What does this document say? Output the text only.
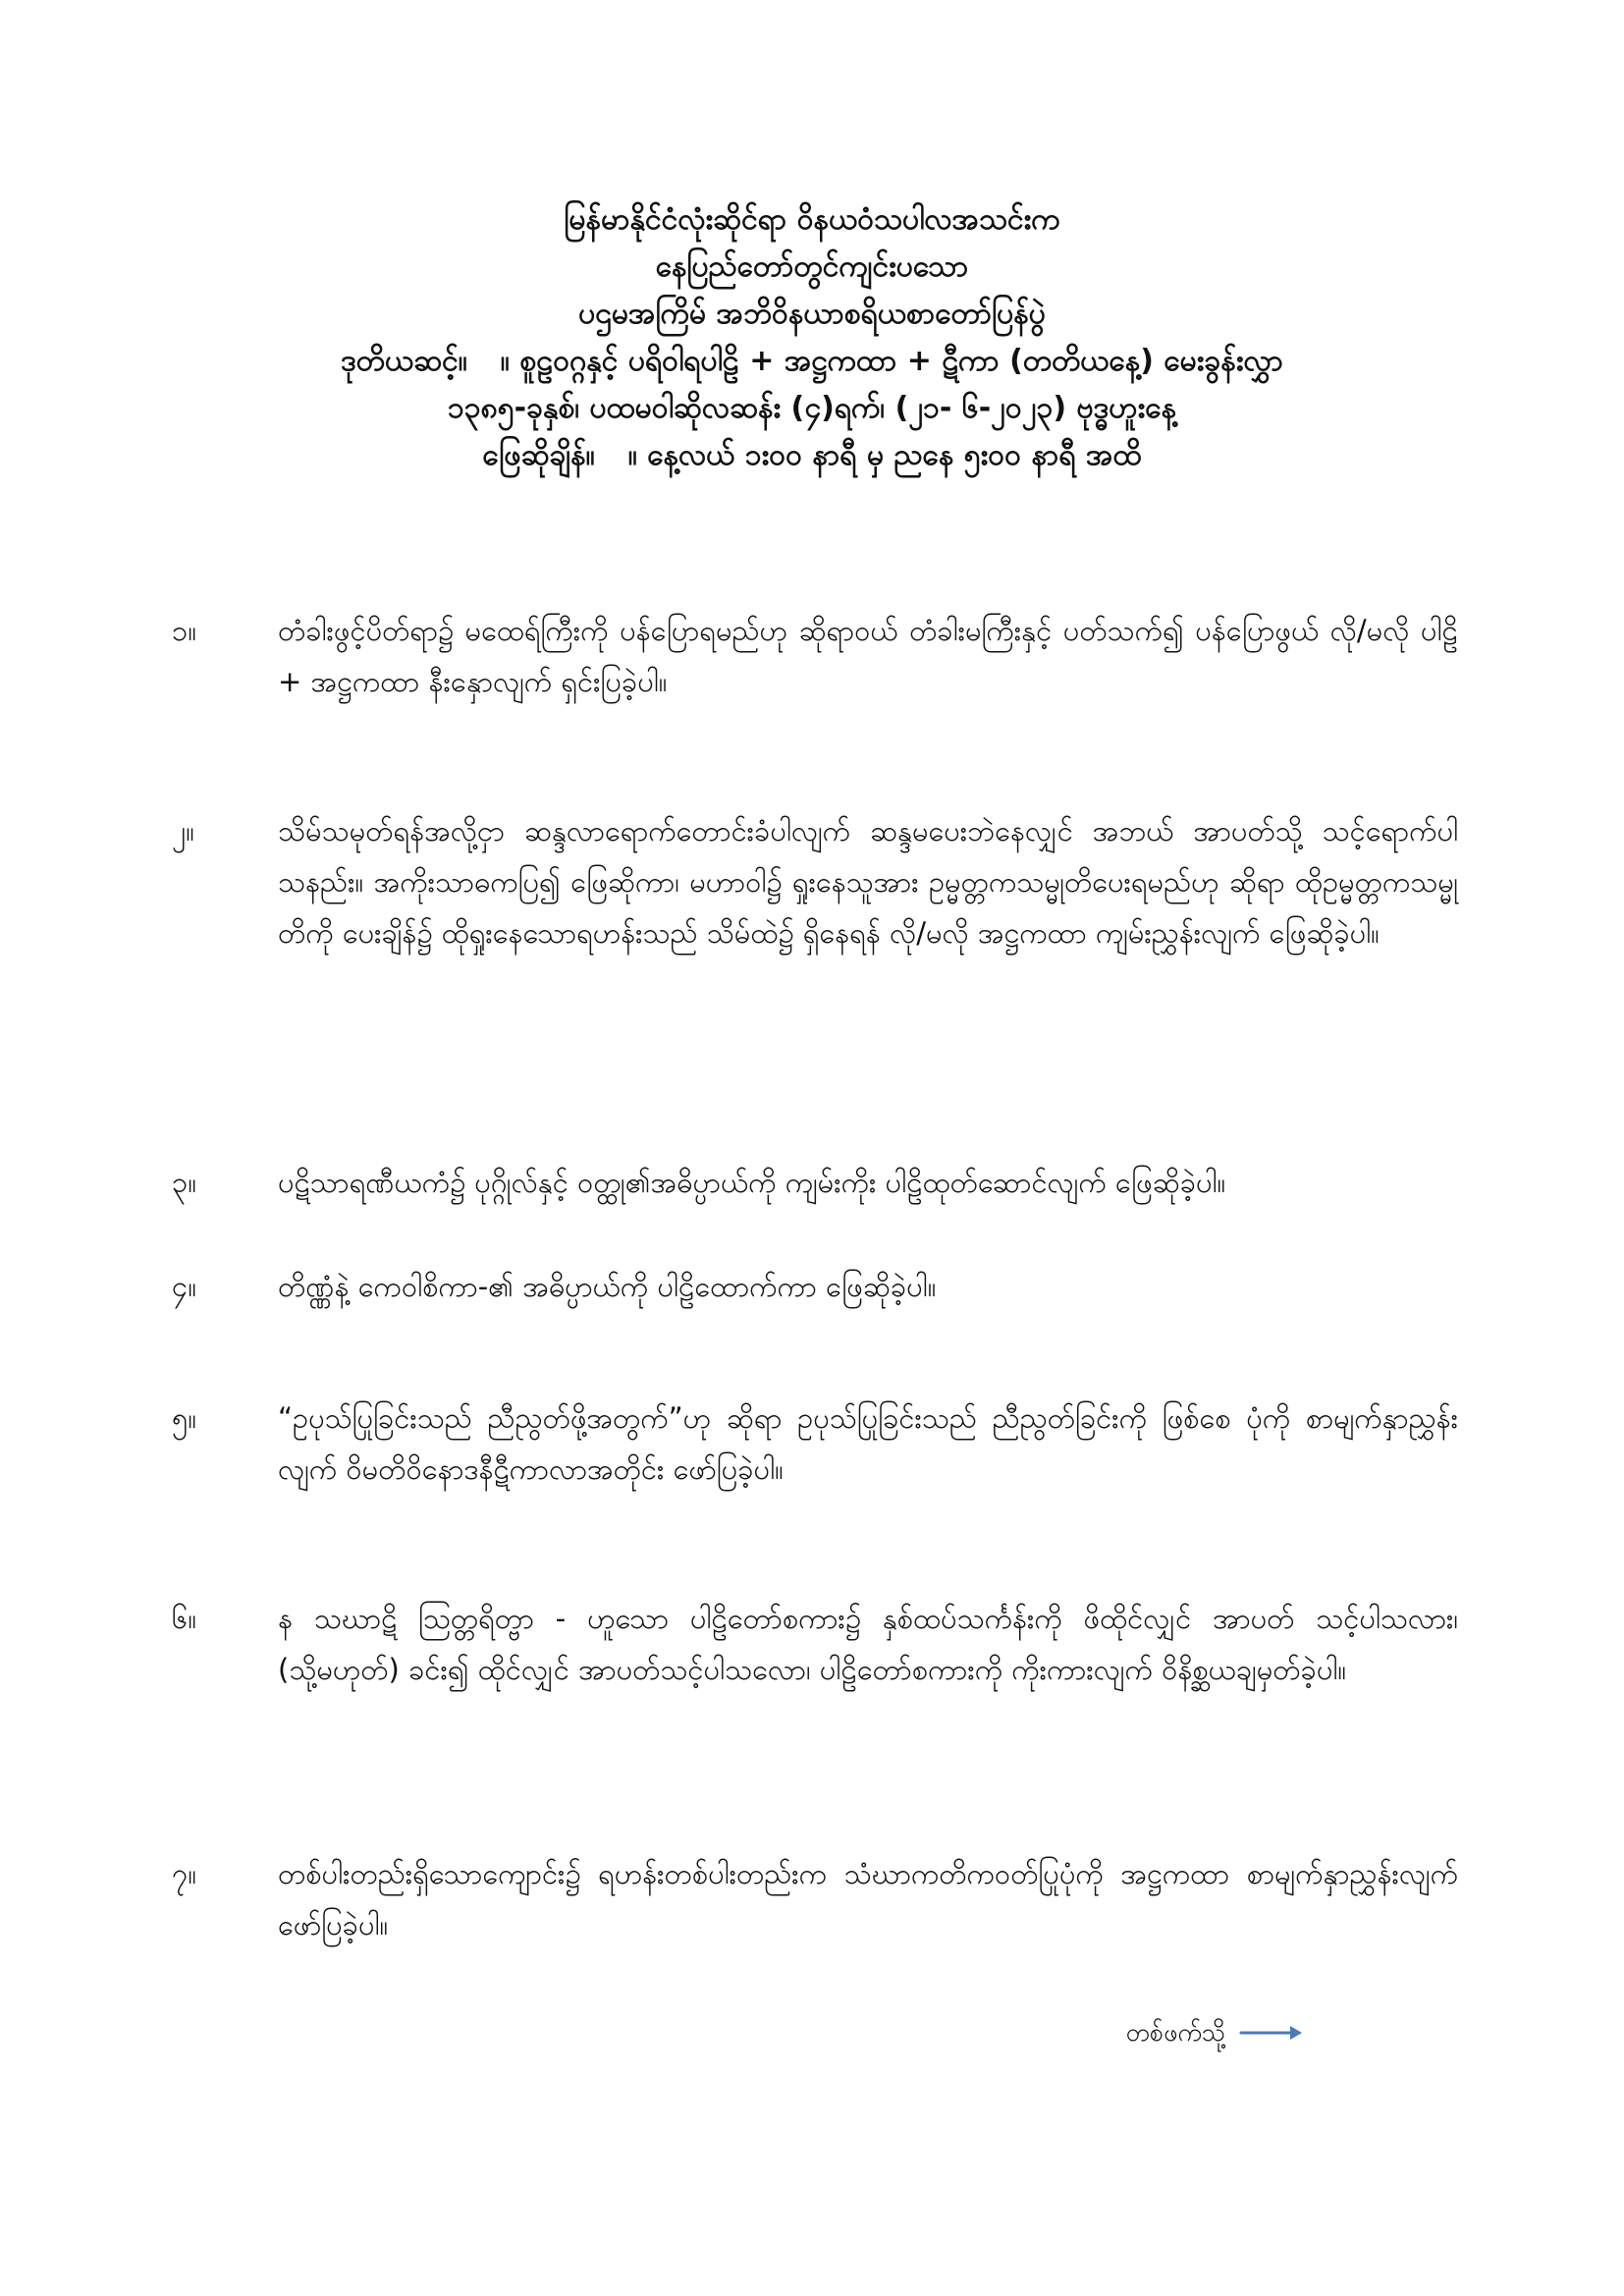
မြန်မာနိုင်ငံလုံးဆိုင်ရာ ဝိနယဝံသပါလအသင်းက
နေပြည်တော်တွင်ကျင်းပသော
ပဌမအကြိမ် အဘိဝိနယာစရိယစာတော်ပြန်ပွဲ
ဒုတိယဆင့်။ ။ စူဠဝဂ္ဂနှင့် ပရိဝါရပါဠိ + အဋ္ဌကထာ + ဋီကာ (တတိယနေ့) မေးခွန်းလွှာ
၁၃၈၅-ခုနှစ်၊ ပထမဝါဆိုလဆန်း (၄)ရက်၊ (၂၁- ၆-၂၀၂၃) ဗုဒ္ဓဟူးနေ့
ဖြေဆိုချိန်။ ။ နေ့လယ် ၁း၀၀ နာရီ မှ ညနေ ၅း၀၀ နာရီ အထိ
၁။	တံခါးဖွင့်ပိတ်ရာ၌ မထေရ်ကြီးကို ပန်ပြောရမည်ဟု ဆိုရာဝယ် တံခါးမကြီးနှင့် ပတ်သက်၍ ပန်ပြောဖွယ် လို/မလို ပါဠိ + အဋ္ဌကထာ နီးနှောလျက် ရှင်းပြခဲ့ပါ။
၂။	သိမ်သမုတ်ရန်အလို့ငှာ ဆန္ဒလာရောက်တောင်းခံပါလျက် ဆန္ဒမပေးဘဲနေလျှင် အဘယ် အာပတ်သို့ သင့်ရောက်ပါသနည်း။ အကိုးသာဓကပြ၍ ဖြေဆိုကာ၊ မဟာဝါ၌ ရှုးနေသူအား ဥမ္မတ္တကသမ္မုတိပေးရမည်ဟု ဆိုရာ ထိုဥမ္မတ္တကသမ္မုတိကို ပေးချိန်၌ ထိုရှုးနေသောရဟန်းသည် သိမ်ထဲ၌ ရှိနေရန် လို/မလို အဋ္ဌကထာ ကျမ်းညွှန်းလျက် ဖြေဆိုခဲ့ပါ။
၃။	ပဋိသာရဏီယကံ၌ ပုဂ္ဂိုလ်နှင့် ဝတ္ထု၏အဓိပ္ပာယ်ကို ကျမ်းကိုး ပါဠိထုတ်ဆောင်လျက် ဖြေဆိုခဲ့ပါ။
၄။	တိဏ္ဏံနဲ့ ကေဝါစိကာ-၏ အဓိပ္ပာယ်ကို ပါဠိထောက်ကာ ဖြေဆိုခဲ့ပါ။
၅။	“ဥပုသ်ပြုခြင်းသည် ညီညွတ်ဖို့အတွက်”ဟု ဆိုရာ ဥပုသ်ပြုခြင်းသည် ညီညွတ်ခြင်းကို ဖြစ်စေ ပုံကို စာမျက်နှာညွှန်းလျက် ဝိမတိဝိနောဒနီဋီကာလာအတိုင်း ဖော်ပြခဲ့ပါ။
၆။	န သဃာဋိ ဩတ္တရိတ္ဗာ - ဟူသော ပါဠိတော်စကား၌ နှစ်ထပ်သင်္ကန်းကို ဖိထိုင်လျှင် အာပတ် သင့်ပါသလား၊ (သို့မဟုတ်) ခင်း၍ ထိုင်လျှင် အာပတ်သင့်ပါသလော၊ ပါဠိတော်စကားကို ကိုးကားလျက် ဝိနိစ္ဆယချမှတ်ခဲ့ပါ။
၇။	တစ်ပါးတည်းရှိသောကျောင်း၌ ရဟန်းတစ်ပါးတည်းက သံဃာကတိကဝတ်ပြုပုံကို အဋ္ဌကထာ စာမျက်နှာညွှန်းလျက် ဖော်ပြခဲ့ပါ။
တစ်ဖက်သို့
